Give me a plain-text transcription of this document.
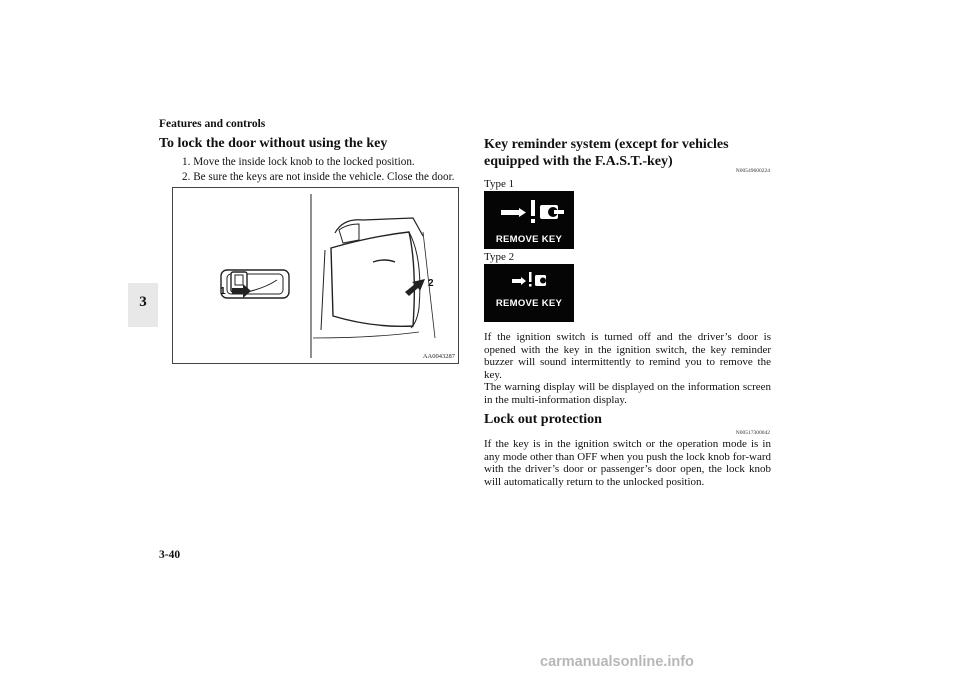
Features and controls
3
To lock the door without using the key
1. Move the inside lock knob to the locked position.
2. Be sure the keys are not inside the vehicle. Close the door.
1
2
AA0043287
Key reminder system (except for vehicles
equipped with the F.A.S.T.-key)
N00549600224
Type 1
REMOVE KEY
Type 2
REMOVE KEY

If the ignition switch is turned off and the driver’s door is opened with the key in the ignition switch, the key reminder buzzer will sound intermittently to remind you to remove the key.

The warning display will be displayed on the information screen in the multi-information display.

Lock out protection
N00517300042
If the key is in the ignition switch or the operation mode is in any mode other than OFF when you push the lock knob for-ward with the driver’s door or passenger’s door open, the lock knob will automatically return to the unlocked position.
3-40
carmanualsonline.info
